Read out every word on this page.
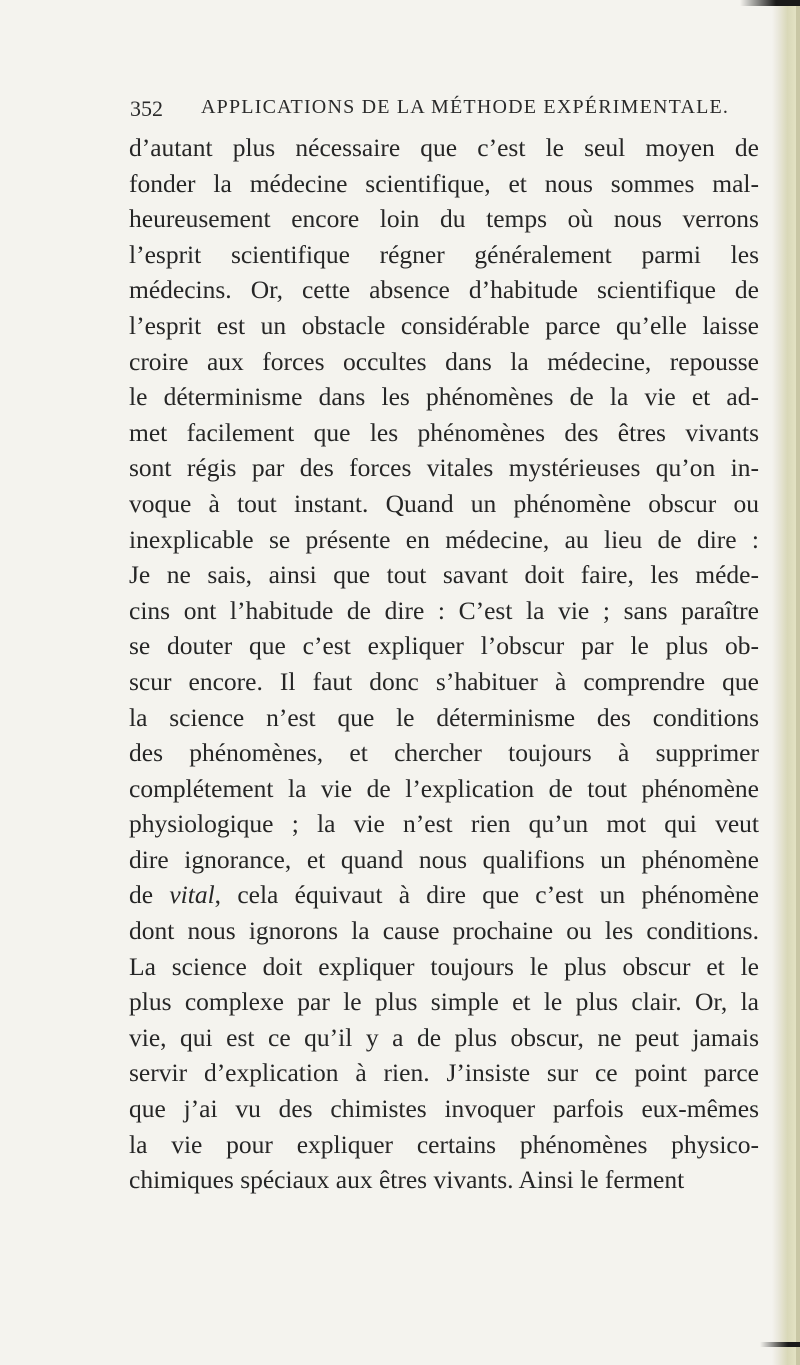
352 APPLICATIONS DE LA MÉTHODE EXPÉRIMENTALE.
d’autant plus nécessaire que c’est le seul moyen de
fonder la médecine scientifique, et nous sommes mal-
heureusement encore loin du temps où nous verrons
l’esprit scientifique régner généralement parmi les
médecins. Or, cette absence d’habitude scientifique de
l’esprit est un obstacle considérable parce qu’elle laisse
croire aux forces occultes dans la médecine, repousse
le déterminisme dans les phénomènes de la vie et ad-
met facilement que les phénomènes des êtres vivants
sont régis par des forces vitales mystérieuses qu’on in-
voque à tout instant. Quand un phénomène obscur ou
inexplicable se présente en médecine, au lieu de dire :
Je ne sais, ainsi que tout savant doit faire, les méde-
cins ont l’habitude de dire : C’est la vie ; sans paraître
se douter que c’est expliquer l’obscur par le plus ob-
scur encore. Il faut donc s’habituer à comprendre que
la science n’est que le déterminisme des conditions
des phénomènes, et chercher toujours à supprimer
complétement la vie de l’explication de tout phénomène
physiologique ; la vie n’est rien qu’un mot qui veut
dire ignorance, et quand nous qualifions un phénomène
de vital, cela équivaut à dire que c’est un phénomène
dont nous ignorons la cause prochaine ou les conditions.
La science doit expliquer toujours le plus obscur et le
plus complexe par le plus simple et le plus clair. Or, la
vie, qui est ce qu’il y a de plus obscur, ne peut jamais
servir d’explication à rien. J’insiste sur ce point parce
que j’ai vu des chimistes invoquer parfois eux-mêmes
la vie pour expliquer certains phénomènes physico-
chimiques spéciaux aux êtres vivants. Ainsi le ferment
